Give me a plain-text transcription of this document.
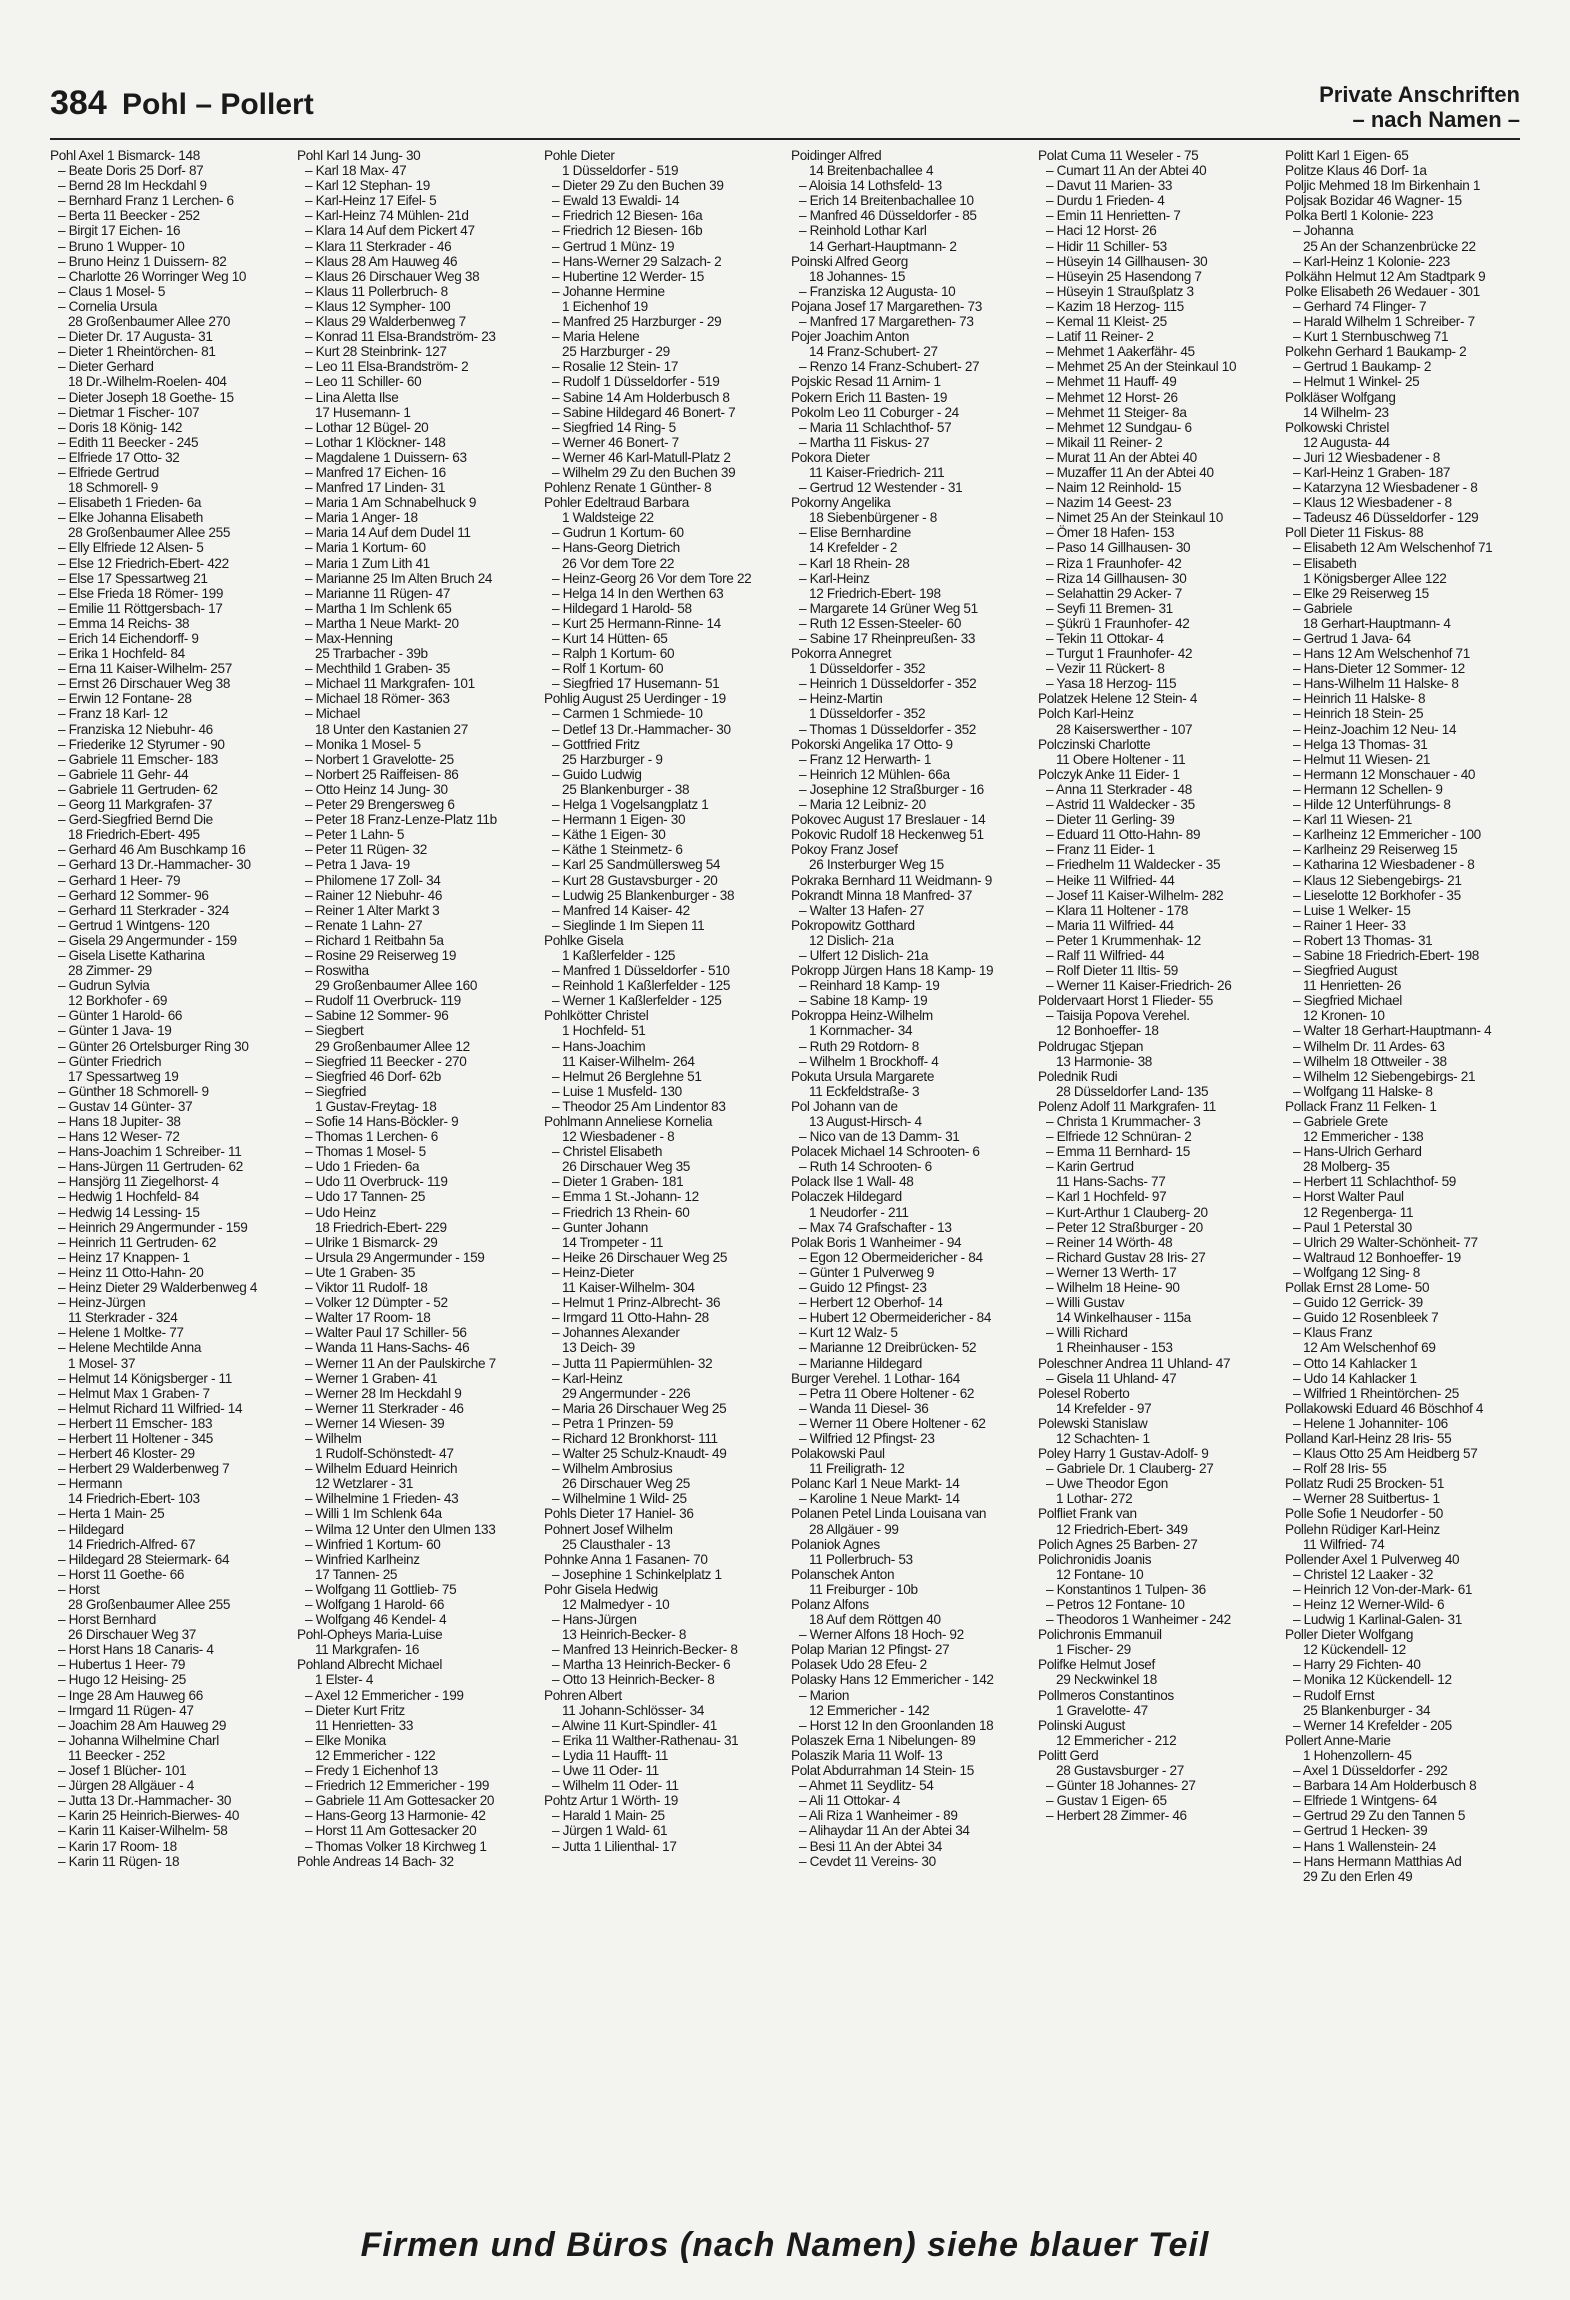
384 Pohl – Pollert	Private Anschriften
– nach Namen –
Pohl Axel 1 Bismarck- 148
– Beate Doris 25 Dorf- 87
– Bernd 28 Im Heckdahl 9
– Bernhard Franz 1 Lerchen- 6
– Berta 11 Beecker - 252
– Birgit 17 Eichen- 16
– Bruno 1 Wupper- 10
– Bruno Heinz 1 Duissern- 82
– Charlotte 26 Worringer Weg 10
– Claus 1 Mosel- 5
– Cornelia Ursula
28 Großenbaumer Allee 270
– Dieter Dr. 17 Augusta- 31
– Dieter 1 Rheintörchen- 81
– Dieter Gerhard
18 Dr.-Wilhelm-Roelen- 404
– Dieter Joseph 18 Goethe- 15
– Dietmar 1 Fischer- 107
– Doris 18 König- 142
– Edith 11 Beecker - 245
– Elfriede 17 Otto- 32
– Elfriede Gertrud
18 Schmorell- 9
– Elisabeth 1 Frieden- 6a
– Elke Johanna Elisabeth
28 Großenbaumer Allee 255
– Elly Elfriede 12 Alsen- 5
– Else 12 Friedrich-Ebert- 422
– Else 17 Spessartweg 21
– Else Frieda 18 Römer- 199
– Emilie 11 Röttgersbach- 17
– Emma 14 Reichs- 38
– Erich 14 Eichendorff- 9
– Erika 1 Hochfeld- 84
– Erna 11 Kaiser-Wilhelm- 257
– Ernst 26 Dirschauer Weg 38
– Erwin 12 Fontane- 28
– Franz 18 Karl- 12
– Franziska 12 Niebuhr- 46
– Friederike 12 Styrumer - 90
– Gabriele 11 Emscher- 183
– Gabriele 11 Gehr- 44
– Gabriele 11 Gertruden- 62
– Georg 11 Markgrafen- 37
– Gerd-Siegfried Bernd Die
18 Friedrich-Ebert- 495
– Gerhard 46 Am Buschkamp 16
– Gerhard 13 Dr.-Hammacher- 30
– Gerhard 1 Heer- 79
– Gerhard 12 Sommer- 96
– Gerhard 11 Sterkrader - 324
– Gertrud 1 Wintgens- 120
– Gisela 29 Angermunder - 159
– Gisela Lisette Katharina
28 Zimmer- 29
– Gudrun Sylvia
12 Borkhofer - 69
– Günter 1 Harold- 66
– Günter 1 Java- 19
– Günter 26 Ortelsburger Ring 30
– Günter Friedrich
17 Spessartweg 19
– Günther 18 Schmorell- 9
– Gustav 14 Günter- 37
– Hans 18 Jupiter- 38
– Hans 12 Weser- 72
– Hans-Joachim 1 Schreiber- 11
– Hans-Jürgen 11 Gertruden- 62
– Hansjörg 11 Ziegelhorst- 4
– Hedwig 1 Hochfeld- 84
– Hedwig 14 Lessing- 15
– Heinrich 29 Angermunder - 159
– Heinrich 11 Gertruden- 62
– Heinz 17 Knappen- 1
– Heinz 11 Otto-Hahn- 20
– Heinz Dieter 29 Walderbenweg 4
– Heinz-Jürgen
11 Sterkrader - 324
– Helene 1 Moltke- 77
– Helene Mechtilde Anna
1 Mosel- 37
– Helmut 14 Königsberger - 11
– Helmut Max 1 Graben- 7
– Helmut Richard 11 Wilfried- 14
– Herbert 11 Emscher- 183
– Herbert 11 Holtener - 345
– Herbert 46 Kloster- 29
– Herbert 29 Walderbenweg 7
– Hermann
14 Friedrich-Ebert- 103
– Herta 1 Main- 25
– Hildegard
14 Friedrich-Alfred- 67
– Hildegard 28 Steiermark- 64
– Horst 11 Goethe- 66
– Horst
28 Großenbaumer Allee 255
– Horst Bernhard
26 Dirschauer Weg 37
– Horst Hans 18 Canaris- 4
– Hubertus 1 Heer- 79
– Hugo 12 Heising- 25
– Inge 28 Am Hauweg 66
– Irmgard 11 Rügen- 47
– Joachim 28 Am Hauweg 29
– Johanna Wilhelmine Charl
11 Beecker - 252
– Josef 1 Blücher- 101
– Jürgen 28 Allgäuer - 4
– Jutta 13 Dr.-Hammacher- 30
– Karin 25 Heinrich-Bierwes- 40
– Karin 11 Kaiser-Wilhelm- 58
– Karin 17 Room- 18
– Karin 11 Rügen- 18
Pohl Karl 14 Jung- 30
– Karl 18 Max- 47
– Karl 12 Stephan- 19
– Karl-Heinz 17 Eifel- 5
– Karl-Heinz 74 Mühlen- 21d
– Klara 14 Auf dem Pickert 47
– Klara 11 Sterkrader - 46
– Klaus 28 Am Hauweg 46
– Klaus 26 Dirschauer Weg 38
– Klaus 11 Pollerbruch- 8
– Klaus 12 Sympher- 100
– Klaus 29 Walderbenweg 7
– Konrad 11 Elsa-Brandström- 23
– Kurt 28 Steinbrink- 127
– Leo 11 Elsa-Brandström- 2
– Leo 11 Schiller- 60
– Lina Aletta Ilse
17 Husemann- 1
– Lothar 12 Bügel- 20
– Lothar 1 Klöckner- 148
– Magdalene 1 Duissern- 63
– Manfred 17 Eichen- 16
– Manfred 17 Linden- 31
– Maria 1 Am Schnabelhuck 9
– Maria 1 Anger- 18
– Maria 14 Auf dem Dudel 11
– Maria 1 Kortum- 60
– Maria 1 Zum Lith 41
– Marianne 25 Im Alten Bruch 24
– Marianne 11 Rügen- 47
– Martha 1 Im Schlenk 65
– Martha 1 Neue Markt- 20
– Max-Henning
25 Trarbacher - 39b
– Mechthild 1 Graben- 35
– Michael 11 Markgrafen- 101
– Michael 18 Römer- 363
– Michael
18 Unter den Kastanien 27
– Monika 1 Mosel- 5
– Norbert 1 Gravelotte- 25
– Norbert 25 Raiffeisen- 86
– Otto Heinz 14 Jung- 30
– Peter 29 Brengersweg 6
– Peter 18 Franz-Lenze-Platz 11b
– Peter 1 Lahn- 5
– Peter 11 Rügen- 32
– Petra 1 Java- 19
– Philomene 17 Zoll- 34
– Rainer 12 Niebuhr- 46
– Reiner 1 Alter Markt 3
– Renate 1 Lahn- 27
– Richard 1 Reitbahn 5a
– Rosine 29 Reiserweg 19
– Roswitha
29 Großenbaumer Allee 160
– Rudolf 11 Overbruck- 119
– Sabine 12 Sommer- 96
– Siegbert
29 Großenbaumer Allee 12
– Siegfried 11 Beecker - 270
– Siegfried 46 Dorf- 62b
– Siegfried
1 Gustav-Freytag- 18
– Sofie 14 Hans-Böckler- 9
– Thomas 1 Lerchen- 6
– Thomas 1 Mosel- 5
– Udo 1 Frieden- 6a
– Udo 11 Overbruck- 119
– Udo 17 Tannen- 25
– Udo Heinz
18 Friedrich-Ebert- 229
– Ulrike 1 Bismarck- 29
– Ursula 29 Angermunder - 159
– Ute 1 Graben- 35
– Viktor 11 Rudolf- 18
– Volker 12 Dümpter - 52
– Walter 17 Room- 18
– Walter Paul 17 Schiller- 56
– Wanda 11 Hans-Sachs- 46
– Werner 11 An der Paulskirche 7
– Werner 1 Graben- 41
– Werner 28 Im Heckdahl 9
– Werner 11 Sterkrader - 46
– Werner 14 Wiesen- 39
– Wilhelm
1 Rudolf-Schönstedt- 47
– Wilhelm Eduard Heinrich
12 Wetzlarer - 31
– Wilhelmine 1 Frieden- 43
– Willi 1 Im Schlenk 64a
– Wilma 12 Unter den Ulmen 133
– Winfried 1 Kortum- 60
– Winfried Karlheinz
17 Tannen- 25
– Wolfgang 11 Gottlieb- 75
– Wolfgang 1 Harold- 66
– Wolfgang 46 Kendel- 4
Pohl-Opheys Maria-Luise
11 Markgrafen- 16
Pohland Albrecht Michael
1 Elster- 4
– Axel 12 Emmericher - 199
– Dieter Kurt Fritz
11 Henrietten- 33
– Elke Monika
12 Emmericher - 122
– Fredy 1 Eichenhof 13
– Friedrich 12 Emmericher - 199
– Gabriele 11 Am Gottesacker 20
– Hans-Georg 13 Harmonie- 42
– Horst 11 Am Gottesacker 20
– Thomas Volker 18 Kirchweg 1
Pohle Andreas 14 Bach- 32
Pohle Dieter
1 Düsseldorfer - 519
– Dieter 29 Zu den Buchen 39
– Ewald 13 Ewaldi- 14
– Friedrich 12 Biesen- 16a
– Friedrich 12 Biesen- 16b
– Gertrud 1 Münz- 19
– Hans-Werner 29 Salzach- 2
– Hubertine 12 Werder- 15
– Johanne Hermine
1 Eichenhof 19
– Manfred 25 Harzburger - 29
– Maria Helene
25 Harzburger - 29
– Rosalie 12 Stein- 17
– Rudolf 1 Düsseldorfer - 519
– Sabine 14 Am Holderbusch 8
– Sabine Hildegard 46 Bonert- 7
– Siegfried 14 Ring- 5
– Werner 46 Bonert- 7
– Werner 46 Karl-Matull-Platz 2
– Wilhelm 29 Zu den Buchen 39
Pohlenz Renate 1 Günther- 8
Pohler Edeltraud Barbara
1 Waldsteige 22
– Gudrun 1 Kortum- 60
– Hans-Georg Dietrich
26 Vor dem Tore 22
– Heinz-Georg 26 Vor dem Tore 22
– Helga 14 In den Werthen 63
– Hildegard 1 Harold- 58
– Kurt 25 Hermann-Rinne- 14
– Kurt 14 Hütten- 65
– Ralph 1 Kortum- 60
– Rolf 1 Kortum- 60
– Siegfried 17 Husemann- 51
Pohlig August 25 Uerdinger - 19
– Carmen 1 Schmiede- 10
– Detlef 13 Dr.-Hammacher- 30
– Gottfried Fritz
25 Harzburger - 9
– Guido Ludwig
25 Blankenburger - 38
– Helga 1 Vogelsangplatz 1
– Hermann 1 Eigen- 30
– Käthe 1 Eigen- 30
– Käthe 1 Steinmetz- 6
– Karl 25 Sandmüllersweg 54
– Kurt 28 Gustavsburger - 20
– Ludwig 25 Blankenburger - 38
– Manfred 14 Kaiser- 42
– Sieglinde 1 Im Siepen 11
Pohlke Gisela
1 Kaßlerfelder - 125
– Manfred 1 Düsseldorfer - 510
– Reinhold 1 Kaßlerfelder - 125
– Werner 1 Kaßlerfelder - 125
Pohlkötter Christel
1 Hochfeld- 51
– Hans-Joachim
11 Kaiser-Wilhelm- 264
– Helmut 26 Berglehne 51
– Luise 1 Musfeld- 130
– Theodor 25 Am Lindentor 83
Pohlmann Anneliese Kornelia
12 Wiesbadener - 8
– Christel Elisabeth
26 Dirschauer Weg 35
– Dieter 1 Graben- 181
– Emma 1 St.-Johann- 12
– Friedrich 13 Rhein- 60
– Gunter Johann
14 Trompeter - 11
– Heike 26 Dirschauer Weg 25
– Heinz-Dieter
11 Kaiser-Wilhelm- 304
– Helmut 1 Prinz-Albrecht- 36
– Irmgard 11 Otto-Hahn- 28
– Johannes Alexander
13 Deich- 39
– Jutta 11 Papiermühlen- 32
– Karl-Heinz
29 Angermunder - 226
– Maria 26 Dirschauer Weg 25
– Petra 1 Prinzen- 59
– Richard 12 Bronkhorst- 111
– Walter 25 Schulz-Knaudt- 49
– Wilhelm Ambrosius
26 Dirschauer Weg 25
– Wilhelmine 1 Wild- 25
Pohls Dieter 17 Haniel- 36
Pohnert Josef Wilhelm
25 Clausthaler - 13
Pohnke Anna 1 Fasanen- 70
– Josephine 1 Schinkelplatz 1
Pohr Gisela Hedwig
12 Malmedyer - 10
– Hans-Jürgen
13 Heinrich-Becker- 8
– Manfred 13 Heinrich-Becker- 8
– Martha 13 Heinrich-Becker- 6
– Otto 13 Heinrich-Becker- 8
Pohren Albert
11 Johann-Schlösser- 34
– Alwine 11 Kurt-Spindler- 41
– Erika 11 Walther-Rathenau- 31
– Lydia 11 Haufft- 11
– Uwe 11 Oder- 11
– Wilhelm 11 Oder- 11
Pohtz Artur 1 Wörth- 19
– Harald 1 Main- 25
– Jürgen 1 Wald- 61
– Jutta 1 Lilienthal- 17
Poidinger Alfred
14 Breitenbachallee 4
– Aloisia 14 Lothsfeld- 13
– Erich 14 Breitenbachallee 10
– Manfred 46 Düsseldorfer - 85
– Reinhold Lothar Karl
14 Gerhart-Hauptmann- 2
Poinski Alfred Georg
18 Johannes- 15
– Franziska 12 Augusta- 10
Pojana Josef 17 Margarethen- 73
– Manfred 17 Margarethen- 73
Pojer Joachim Anton
14 Franz-Schubert- 27
– Renzo 14 Franz-Schubert- 27
Pojskic Resad 11 Arnim- 1
Pokern Erich 11 Basten- 19
Pokolm Leo 11 Coburger - 24
– Maria 11 Schlachthof- 57
– Martha 11 Fiskus- 27
Pokora Dieter
11 Kaiser-Friedrich- 211
– Gertrud 12 Westender - 31
Pokorny Angelika
18 Siebenbürgener - 8
– Elise Bernhardine
14 Krefelder - 2
– Karl 18 Rhein- 28
– Karl-Heinz
12 Friedrich-Ebert- 198
– Margarete 14 Grüner Weg 51
– Ruth 12 Essen-Steeler- 60
– Sabine 17 Rheinpreußen- 33
Pokorra Annegret
1 Düsseldorfer - 352
– Heinrich 1 Düsseldorfer - 352
– Heinz-Martin
1 Düsseldorfer - 352
– Thomas 1 Düsseldorfer - 352
Pokorski Angelika 17 Otto- 9
– Franz 12 Herwarth- 1
– Heinrich 12 Mühlen- 66a
– Josephine 12 Straßburger - 16
– Maria 12 Leibniz- 20
Pokovec August 17 Breslauer - 14
Pokovic Rudolf 18 Heckenweg 51
Pokoy Franz Josef
26 Insterburger Weg 15
Pokraka Bernhard 11 Weidmann- 9
Pokrandt Minna 18 Manfred- 37
– Walter 13 Hafen- 27
Pokropowitz Gotthard
12 Dislich- 21a
– Ulfert 12 Dislich- 21a
Pokropp Jürgen Hans 18 Kamp- 19
– Reinhard 18 Kamp- 19
– Sabine 18 Kamp- 19
Pokroppa Heinz-Wilhelm
1 Kornmacher- 34
– Ruth 29 Rotdorn- 8
– Wilhelm 1 Brockhoff- 4
Pokuta Ursula Margarete
11 Eckfeldstraße- 3
Pol Johann van de
13 August-Hirsch- 4
– Nico van de 13 Damm- 31
Polacek Michael 14 Schrooten- 6
– Ruth 14 Schrooten- 6
Polack Ilse 1 Wall- 48
Polaczek Hildegard
1 Neudorfer - 211
– Max 74 Grafschafter - 13
Polak Boris 1 Wanheimer - 94
– Egon 12 Obermeidericher - 84
– Günter 1 Pulverweg 9
– Guido 12 Pfingst- 23
– Herbert 12 Oberhof- 14
– Hubert 12 Obermeidericher - 84
– Kurt 12 Walz- 5
– Marianne 12 Dreibrücken- 52
– Marianne Hildegard
Burger Verehel. 1 Lothar- 164
– Petra 11 Obere Holtener - 62
– Wanda 11 Diesel- 36
– Werner 11 Obere Holtener - 62
– Wilfried 12 Pfingst- 23
Polakowski Paul
11 Freiligrath- 12
Polanc Karl 1 Neue Markt- 14
– Karoline 1 Neue Markt- 14
Polanen Petel Linda Louisana van
28 Allgäuer - 99
Polaniok Agnes
11 Pollerbruch- 53
Polanschek Anton
11 Freiburger - 10b
Polanz Alfons
18 Auf dem Röttgen 40
– Werner Alfons 18 Hoch- 92
Polap Marian 12 Pfingst- 27
Polasek Udo 28 Efeu- 2
Polasky Hans 12 Emmericher - 142
– Marion
12 Emmericher - 142
– Horst 12 In den Groonlanden 18
Polaszek Erna 1 Nibelungen- 89
Polaszik Maria 11 Wolf- 13
Polat Abdurrahman 14 Stein- 15
– Ahmet 11 Seydlitz- 54
– Ali 11 Ottokar- 4
– Ali Riza 1 Wanheimer - 89
– Alihaydar 11 An der Abtei 34
– Besi 11 An der Abtei 34
– Cevdet 11 Vereins- 30
Polat Cuma 11 Weseler - 75
– Cumart 11 An der Abtei 40
– Davut 11 Marien- 33
– Durdu 1 Frieden- 4
– Emin 11 Henrietten- 7
– Haci 12 Horst- 26
– Hidir 11 Schiller- 53
– Hüseyin 14 Gillhausen- 30
– Hüseyin 25 Hasendong 7
– Hüseyin 1 Straußplatz 3
– Kazim 18 Herzog- 115
– Kemal 11 Kleist- 25
– Latif 11 Reiner- 2
– Mehmet 1 Aakerfähr- 45
– Mehmet 25 An der Steinkaul 10
– Mehmet 11 Hauff- 49
– Mehmet 12 Horst- 26
– Mehmet 11 Steiger- 8a
– Mehmet 12 Sundgau- 6
– Mikail 11 Reiner- 2
– Murat 11 An der Abtei 40
– Muzaffer 11 An der Abtei 40
– Naim 12 Reinhold- 15
– Nazim 14 Geest- 23
– Nimet 25 An der Steinkaul 10
– Ömer 18 Hafen- 153
– Paso 14 Gillhausen- 30
– Riza 1 Fraunhofer- 42
– Riza 14 Gillhausen- 30
– Selahattin 29 Acker- 7
– Seyfi 11 Bremen- 31
– Şükrü 1 Fraunhofer- 42
– Tekin 11 Ottokar- 4
– Turgut 1 Fraunhofer- 42
– Vezir 11 Rückert- 8
– Yasa 18 Herzog- 115
Polatzek Helene 12 Stein- 4
Polch Karl-Heinz
28 Kaiserswerther - 107
Polczinski Charlotte
11 Obere Holtener - 11
Polczyk Anke 11 Eider- 1
– Anna 11 Sterkrader - 48
– Astrid 11 Waldecker - 35
– Dieter 11 Gerling- 39
– Eduard 11 Otto-Hahn- 89
– Franz 11 Eider- 1
– Friedhelm 11 Waldecker - 35
– Heike 11 Wilfried- 44
– Josef 11 Kaiser-Wilhelm- 282
– Klara 11 Holtener - 178
– Maria 11 Wilfried- 44
– Peter 1 Krummenhak- 12
– Ralf 11 Wilfried- 44
– Rolf Dieter 11 Iltis- 59
– Werner 11 Kaiser-Friedrich- 26
Poldervaart Horst 1 Flieder- 55
– Taisija Popova Verehel.
12 Bonhoeffer- 18
Poldrugac Stjepan
13 Harmonie- 38
Polednik Rudi
28 Düsseldorfer Land- 135
Polenz Adolf 11 Markgrafen- 11
– Christa 1 Krummacher- 3
– Elfriede 12 Schnüran- 2
– Emma 11 Bernhard- 15
– Karin Gertrud
11 Hans-Sachs- 77
– Karl 1 Hochfeld- 97
– Kurt-Arthur 1 Clauberg- 20
– Peter 12 Straßburger - 20
– Reiner 14 Wörth- 48
– Richard Gustav 28 Iris- 27
– Werner 13 Werth- 17
– Wilhelm 18 Heine- 90
– Willi Gustav
14 Winkelhauser - 115a
– Willi Richard
1 Rheinhauser - 153
Poleschner Andrea 11 Uhland- 47
– Gisela 11 Uhland- 47
Polesel Roberto
14 Krefelder - 97
Polewski Stanislaw
12 Schachten- 1
Poley Harry 1 Gustav-Adolf- 9
– Gabriele Dr. 1 Clauberg- 27
– Uwe Theodor Egon
1 Lothar- 272
Polfliet Frank van
12 Friedrich-Ebert- 349
Polich Agnes 25 Barben- 27
Polichronidis Joanis
12 Fontane- 10
– Konstantinos 1 Tulpen- 36
– Petros 12 Fontane- 10
– Theodoros 1 Wanheimer - 242
Polichronis Emmanuil
1 Fischer- 29
Polifke Helmut Josef
29 Neckwinkel 18
Pollmeros Constantinos
1 Gravelotte- 47
Polinski August
12 Emmericher - 212
Politt Gerd
28 Gustavsburger - 27
– Günter 18 Johannes- 27
– Gustav 1 Eigen- 65
– Herbert 28 Zimmer- 46
Politt Karl 1 Eigen- 65
Politze Klaus 46 Dorf- 1a
Poljic Mehmed 18 Im Birkenhain 1
Poljsak Bozidar 46 Wagner- 15
Polka Bertl 1 Kolonie- 223
– Johanna
25 An der Schanzenbrücke 22
– Karl-Heinz 1 Kolonie- 223
Polkähn Helmut 12 Am Stadtpark 9
Polke Elisabeth 26 Wedauer - 301
– Gerhard 74 Flinger- 7
– Harald Wilhelm 1 Schreiber- 7
– Kurt 1 Sternbuschweg 71
Polkehn Gerhard 1 Baukamp- 2
– Gertrud 1 Baukamp- 2
– Helmut 1 Winkel- 25
Polkläser Wolfgang
14 Wilhelm- 23
Polkowski Christel
12 Augusta- 44
– Juri 12 Wiesbadener - 8
– Karl-Heinz 1 Graben- 187
– Katarzyna 12 Wiesbadener - 8
– Klaus 12 Wiesbadener - 8
– Tadeusz 46 Düsseldorfer - 129
Poll Dieter 11 Fiskus- 88
– Elisabeth 12 Am Welschenhof 71
– Elisabeth
1 Königsberger Allee 122
– Elke 29 Reiserweg 15
– Gabriele
18 Gerhart-Hauptmann- 4
– Gertrud 1 Java- 64
– Hans 12 Am Welschenhof 71
– Hans-Dieter 12 Sommer- 12
– Hans-Wilhelm 11 Halske- 8
– Heinrich 11 Halske- 8
– Heinrich 18 Stein- 25
– Heinz-Joachim 12 Neu- 14
– Helga 13 Thomas- 31
– Helmut 11 Wiesen- 21
– Hermann 12 Monschauer - 40
– Hermann 12 Schellen- 9
– Hilde 12 Unterführungs- 8
– Karl 11 Wiesen- 21
– Karlheinz 12 Emmericher - 100
– Karlheinz 29 Reiserweg 15
– Katharina 12 Wiesbadener - 8
– Klaus 12 Siebengebirgs- 21
– Lieselotte 12 Borkhofer - 35
– Luise 1 Welker- 15
– Rainer 1 Heer- 33
– Robert 13 Thomas- 31
– Sabine 18 Friedrich-Ebert- 198
– Siegfried August
11 Henrietten- 26
– Siegfried Michael
12 Kronen- 10
– Walter 18 Gerhart-Hauptmann- 4
– Wilhelm Dr. 11 Ardes- 63
– Wilhelm 18 Ottweiler - 38
– Wilhelm 12 Siebengebirgs- 21
– Wolfgang 11 Halske- 8
Pollack Franz 11 Felken- 1
– Gabriele Grete
12 Emmericher - 138
– Hans-Ulrich Gerhard
28 Molberg- 35
– Herbert 11 Schlachthof- 59
– Horst Walter Paul
12 Regenberga- 11
– Paul 1 Peterstal 30
– Ulrich 29 Walter-Schönheit- 77
– Waltraud 12 Bonhoeffer- 19
– Wolfgang 12 Sing- 8
Pollak Ernst 28 Lome- 50
– Guido 12 Gerrick- 39
– Guido 12 Rosenbleek 7
– Klaus Franz
12 Am Welschenhof 69
– Otto 14 Kahlacker 1
– Udo 14 Kahlacker 1
– Wilfried 1 Rheintörchen- 25
Pollakowski Eduard 46 Böschhof 4
– Helene 1 Johanniter- 106
Polland Karl-Heinz 28 Iris- 55
– Klaus Otto 25 Am Heidberg 57
– Rolf 28 Iris- 55
Pollatz Rudi 25 Brocken- 51
– Werner 28 Suitbertus- 1
Polle Sofie 1 Neudorfer - 50
Pollehn Rüdiger Karl-Heinz
11 Wilfried- 74
Pollender Axel 1 Pulverweg 40
– Christel 12 Laaker - 32
– Heinrich 12 Von-der-Mark- 61
– Heinz 12 Werner-Wild- 6
– Ludwig 1 Karlinal-Galen- 31
Poller Dieter Wolfgang
12 Kückendell- 12
– Harry 29 Fichten- 40
– Monika 12 Kückendell- 12
– Rudolf Ernst
25 Blankenburger - 34
– Werner 14 Krefelder - 205
Pollert Anne-Marie
1 Hohenzollern- 45
– Axel 1 Düsseldorfer - 292
– Barbara 14 Am Holderbusch 8
– Elfriede 1 Wintgens- 64
– Gertrud 29 Zu den Tannen 5
– Gertrud 1 Hecken- 39
– Hans 1 Wallenstein- 24
– Hans Hermann Matthias Ad
29 Zu den Erlen 49
Firmen und Büros (nach Namen) siehe blauer Teil
